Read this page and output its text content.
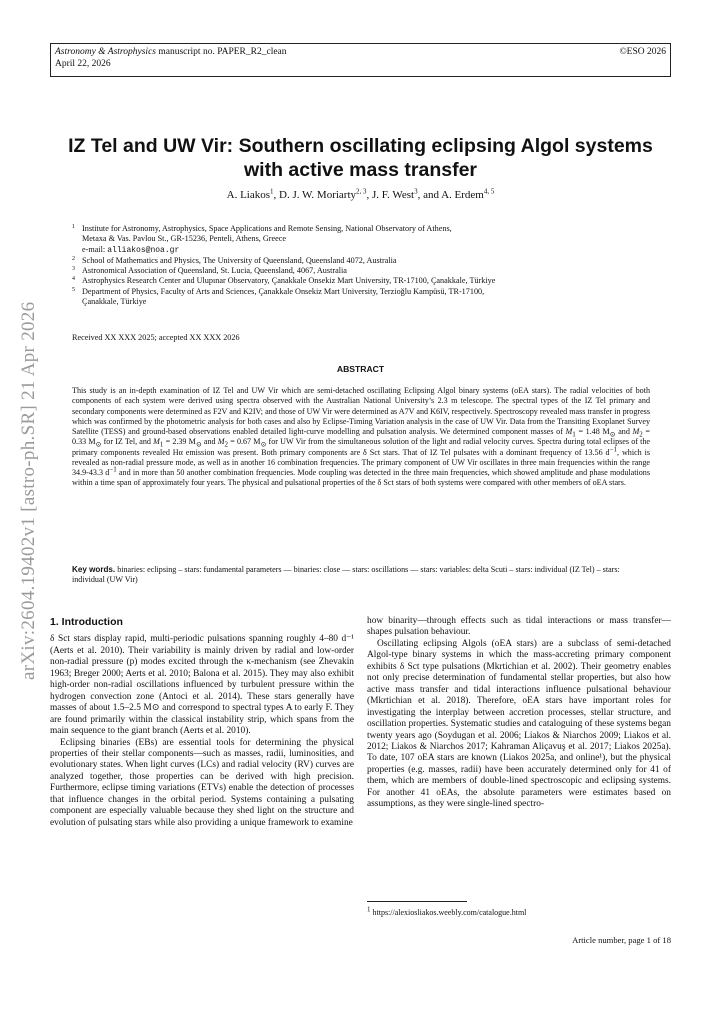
Astronomy & Astrophysics manuscript no. PAPER_R2_clean
April 22, 2026
©ESO 2026
arXiv:2604.19402v1 [astro-ph.SR] 21 Apr 2026
IZ Tel and UW Vir: Southern oscillating eclipsing Algol systems
with active mass transfer
A. Liakos$^1$, D. J. W. Moriarty$^{2, 3}$, J. F. West$^3$, and A. Erdem$^{4, 5}$
1 Institute for Astronomy, Astrophysics, Space Applications and Remote Sensing, National Observatory of Athens,
Metaxa & Vas. Pavlou St., GR-15236, Penteli, Athens, Greece
e-mail: alliakos@noa.gr
2 School of Mathematics and Physics, The University of Queensland, Queensland 4072, Australia
3 Astronomical Association of Queensland, St. Lucia, Queensland, 4067, Australia
4 Astrophysics Research Center and Ulupınar Observatory, Çanakkale Onsekiz Mart University, TR-17100, Çanakkale, Türkiye
5 Department of Physics, Faculty of Arts and Sciences, Çanakkale Onsekiz Mart University, Terzioğlu Kampüsü, TR-17100,
Çanakkale, Türkiye
Received XX XXX 2025; accepted XX XXX 2026
ABSTRACT
This study is an in-depth examination of IZ Tel and UW Vir which are semi-detached oscillating Eclipsing Algol binary systems (oEA stars). The radial velocities of both components of each system were derived using spectra observed with the Australian National University’s 2.3 m telescope. The spectral types of the IZ Tel primary and secondary components were determined as F2V and K2IV; and those of UW Vir were determined as A7V and K6IV, respectively. Spectroscopy revealed mass transfer in progress which was confirmed by the photometric analysis for both cases and also by Eclipse-Timing Variation analysis in the case of UW Vir. Data from the Transiting Exoplanet Survey Satellite (TESS) and ground-based observations enabled detailed light-curve modelling and pulsation analysis. We determined component masses of $M_1 = 1.48$ $M_⊙$ and $M_2 = 0.33$ $M_⊙$ for IZ Tel, and $M_1 = 2.39$ $M_⊙$ and $M_2 = 0.67$ $M_⊙$ for UW Vir from the simultaneous solution of the light and radial velocity curves. Spectra during total eclipses of the primary components revealed Hα emission was present. Both primary components are δ Sct stars. That of IZ Tel pulsates with a dominant frequency of 13.56 $d^{-1}$, which is revealed as non-radial pressure mode, as well as in another 16 combination frequencies. The primary component of UW Vir oscillates in three main frequencies within the range 34.9-43.3 $d^{-1}$ and in more than 50 another combination frequencies. Mode coupling was detected in the three main frequencies, which showed amplitude and phase modulations within a time span of approximately four years. The physical and pulsational properties of the δ Sct stars of both systems were compared with other members of oEA stars.
Key words. binaries: eclipsing – stars: fundamental parameters — binaries: close — stars: oscillations — stars: variables: delta Scuti – stars: individual (IZ Tel) – stars: individual (UW Vir)
1. Introduction

δ Sct stars display rapid, multi-periodic pulsations spanning roughly 4–80 d⁻¹ (Aerts et al. 2010). Their variability is mainly driven by radial and low-order non-radial pressure (p) modes excited through the κ-mechanism (see Zhevakin 1963; Breger 2000; Aerts et al. 2010; Balona et al. 2015). They may also exhibit high-order non-radial oscillations influenced by turbulent pressure within the hydrogen convection zone (Antoci et al. 2014). These stars generally have masses of about 1.5–2.5 M⊙ and correspond to spectral types A to early F. They are found primarily within the classical instability strip, which spans from the main sequence to the giant branch (Aerts et al. 2010).

Eclipsing binaries (EBs) are essential tools for determining the physical properties of their stellar components—such as masses, radii, luminosities, and evolutionary states. When light curves (LCs) and radial velocity (RV) curves are analyzed together, those properties can be derived with high precision. Furthermore, eclipse timing variations (ETVs) enable the detection of processes that influence changes in the orbital period. Systems containing a pulsating component are especially valuable because they shed light on the structure and evolution of pulsating stars while also providing a unique framework to examine

how binarity—through effects such as tidal interactions or mass transfer—shapes pulsation behaviour.

Oscillating eclipsing Algols (oEA stars) are a subclass of semi-detached Algol-type binary systems in which the mass-accreting primary component exhibits δ Sct type pulsations (Mkrtichian et al. 2002). Their geometry enables not only precise determination of fundamental stellar properties, but also how active mass transfer and tidal interactions influence pulsational behaviour (Mkrtichian et al. 2018). Therefore, oEA stars have important roles for investigating the interplay between accretion processes, stellar structure, and oscillation properties. Systematic studies and cataloguing of these systems began twenty years ago (Soydugan et al. 2006; Liakos & Niarchos 2009; Liakos et al. 2012; Liakos & Niarchos 2017; Kahraman Aliçavuş et al. 2017; Liakos 2025a). To date, 107 oEA stars are known (Liakos 2025a, and online¹), but the physical properties (e.g. masses, radii) have been accurately determined only for 41 of them, which are members of double-lined spectroscopic and eclipsing systems. For another 41 oEAs, the absolute parameters were estimates based on assumptions, as they were single-lined spectro-

$^1$ https://alexiosliakos.weebly.com/catalogue.html
Article number, page 1 of 18
